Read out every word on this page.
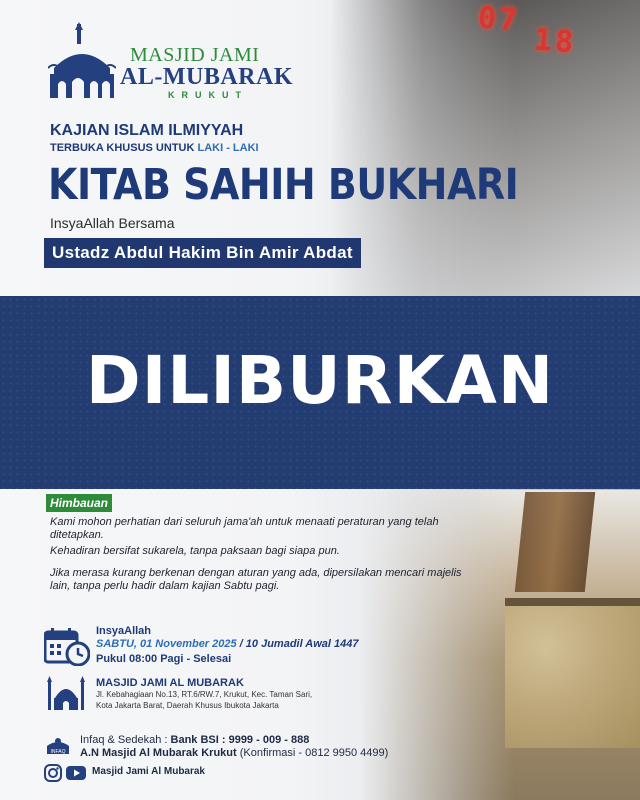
07
18
MASJID JAMI
AL-MUBARAK
KRUKUT
KAJIAN ISLAM ILMIYYAH
TERBUKA KHUSUS UNTUK LAKI - LAKI
KITAB SAHIH BUKHARI
InsyaAllah Bersama
Ustadz Abdul Hakim Bin Amir Abdat
DILIBURKAN
Himbauan
Kami mohon perhatian dari seluruh jama'ah untuk menaati peraturan yang telah ditetapkan.
Kehadiran bersifat sukarela, tanpa paksaan bagi siapa pun.
Jika merasa kurang berkenan dengan aturan yang ada, dipersilakan mencari majelis lain, tanpa perlu hadir dalam kajian Sabtu pagi.
InsyaAllah
SABTU, 01 November 2025 / 10 Jumadil Awal 1447
Pukul 08:00 Pagi - Selesai
MASJID JAMI AL MUBARAK
Jl. Kebahagiaan No.13, RT.6/RW.7, Krukut, Kec. Taman Sari,
Kota Jakarta Barat, Daerah Khusus Ibukota Jakarta
INFAQ
Infaq & Sedekah : Bank BSI : 9999 - 009 - 888
A.N Masjid Al Mubarak Krukut (Konfirmasi - 0812 9950 4499)
Masjid Jami Al Mubarak
